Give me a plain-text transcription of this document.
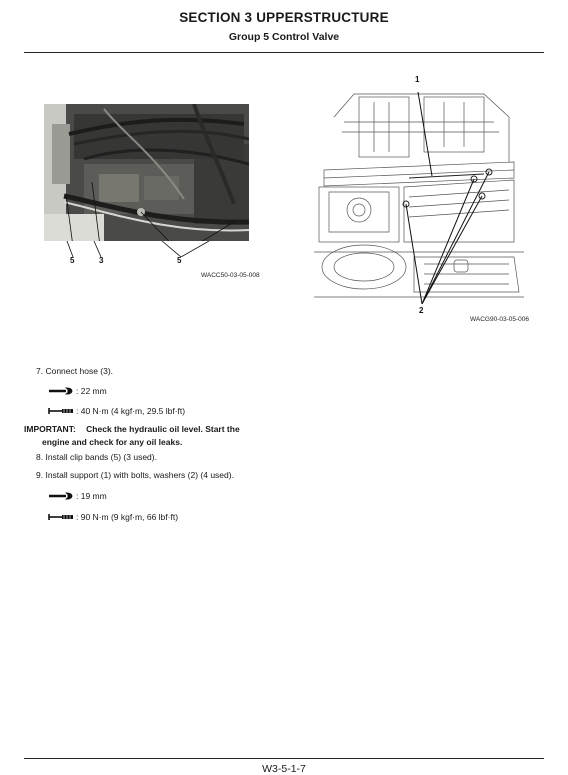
SECTION 3 UPPERSTRUCTURE
Group 5 Control Valve
5	3	5
WACC50-03-05-008
1
2
WACG90-03-05-006
7. Connect hose (3).
: 22 mm
: 40 N·m (4 kgf·m, 29.5 lbf·ft)
IMPORTANT: Check the hydraulic oil level. Start the
engine and check for any oil leaks.
8. Install clip bands (5) (3 used).
9. Install support (1) with bolts, washers (2) (4 used).
: 19 mm
: 90 N·m (9 kgf·m, 66 lbf·ft)
W3-5-1-7
